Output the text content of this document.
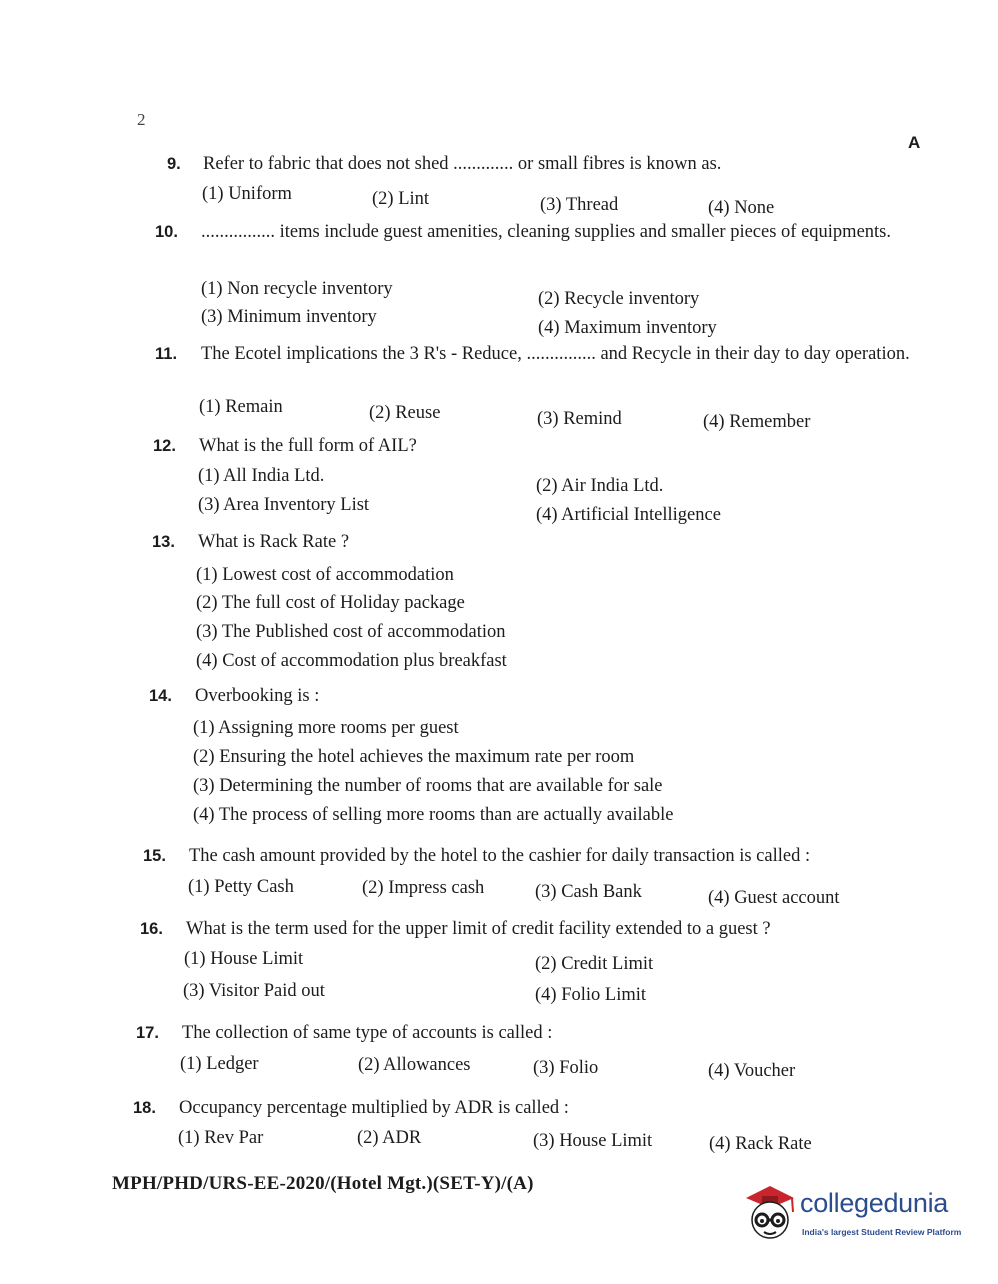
2
A
9.	Refer to fabric that does not shed ............. or small fibres is known as.
(1) Uniform	(2) Lint	(3) Thread	(4) None
10.	................ items include guest amenities, cleaning supplies and smaller pieces of equipments.
(1) Non recycle inventory	(2) Recycle inventory
(3) Minimum inventory
(4) Maximum inventory
11.	The Ecotel implications the 3 R's - Reduce, ............... and Recycle in their day to day operation.
(1) Remain	(2) Reuse	(3) Remind	(4) Remember
12.	What is the full form of AIL?
(1) All India Ltd.	(2) Air India Ltd.
(3) Area Inventory List	(4) Artificial Intelligence
13.	What is Rack Rate ?
(1) Lowest cost of accommodation
(2) The full cost of Holiday package
(3) The Published cost of accommodation
(4) Cost of accommodation plus breakfast
14.	Overbooking is :
(1) Assigning more rooms per guest
(2) Ensuring the hotel achieves the maximum rate per room
(3) Determining the number of rooms that are available for sale
(4) The process of selling more rooms than are actually available
15.	The cash amount provided by the hotel to the cashier for daily transaction is called :
(1) Petty Cash	(2) Impress cash	(3) Cash Bank	(4) Guest account
16.	What is the term used for the upper limit of credit facility extended to a guest ?
(1) House Limit	(2) Credit Limit
(3) Visitor Paid out	(4) Folio Limit
17.	The collection of same type of accounts is called :
(1) Ledger	(2) Allowances	(3) Folio	(4) Voucher
18.	Occupancy percentage multiplied by ADR is called :
(1) Rev Par	(2) ADR	(3) House Limit	(4) Rack Rate
MPH/PHD/URS-EE-2020/(Hotel Mgt.)(SET-Y)/(A)
collegedunia
India's largest Student Review Platform
